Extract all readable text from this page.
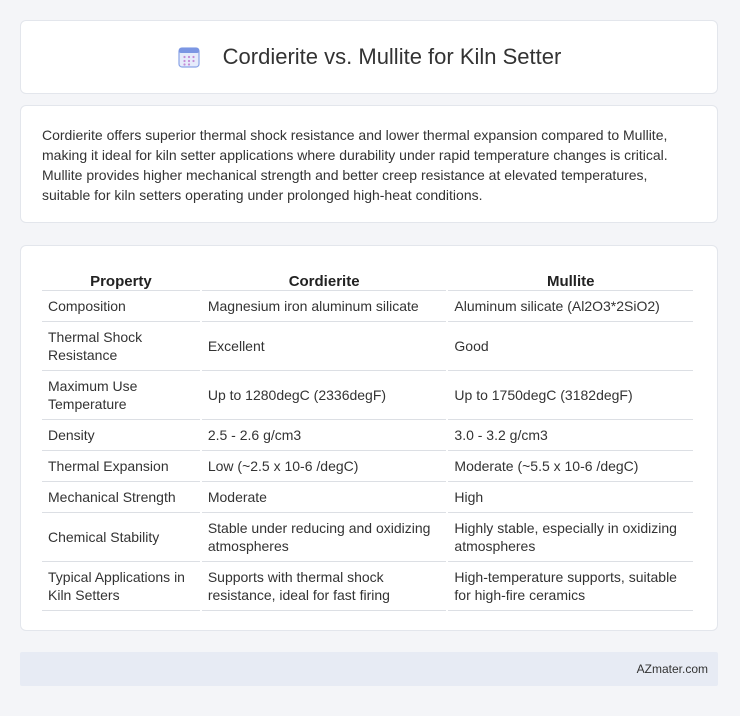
Cordierite vs. Mullite for Kiln Setter

Cordierite offers superior thermal shock resistance and lower thermal expansion compared to Mullite, making it ideal for kiln setter applications where durability under rapid temperature changes is critical. Mullite provides higher mechanical strength and better creep resistance at elevated temperatures, suitable for kiln setters operating under prolonged high-heat conditions.

Property	Cordierite	Mullite
Composition	Magnesium iron aluminum silicate	Aluminum silicate (Al2O3*2SiO2)
Thermal Shock Resistance	Excellent	Good
Maximum Use Temperature	Up to 1280degC (2336degF)	Up to 1750degC (3182degF)
Density	2.5 - 2.6 g/cm3	3.0 - 3.2 g/cm3
Thermal Expansion	Low (~2.5 x 10-6 /degC)	Moderate (~5.5 x 10-6 /degC)
Mechanical Strength	Moderate	High
Chemical Stability	Stable under reducing and oxidizing atmospheres	Highly stable, especially in oxidizing atmospheres
Typical Applications in Kiln Setters	Supports with thermal shock resistance, ideal for fast firing	High-temperature supports, suitable for high-fire ceramics
AZmater.com
